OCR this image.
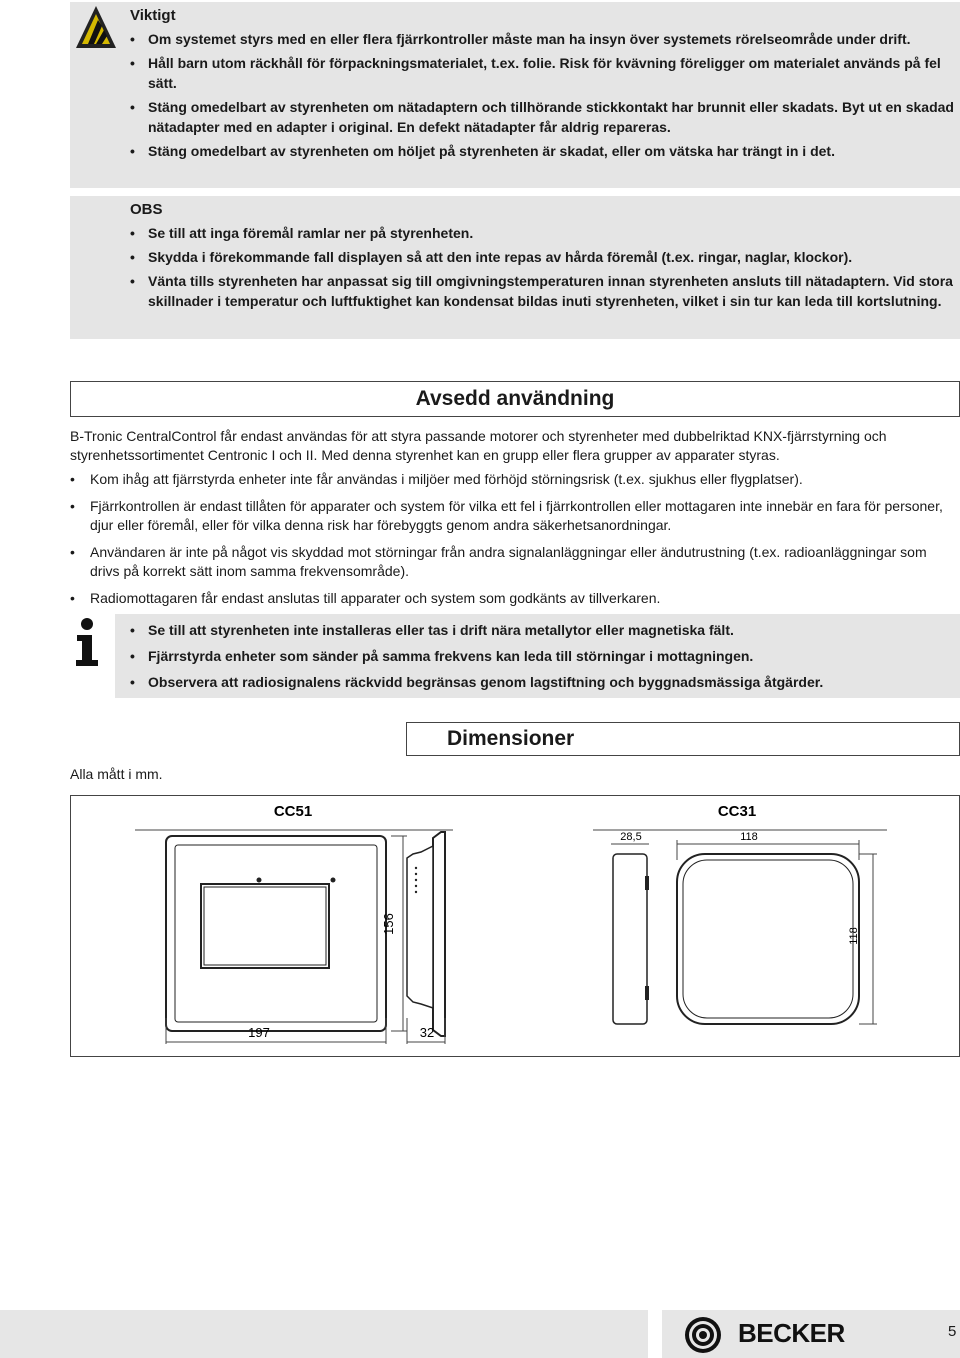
Viktigt
• Om systemet styrs med en eller flera fjärrkontroller måste man ha insyn över systemets rörelseområde under drift.
• Håll barn utom räckhåll för förpackningsmaterialet, t.ex. folie. Risk för kvävning föreligger om materialet används på fel sätt.
• Stäng omedelbart av styrenheten om nätadaptern och tillhörande stickkontakt har brunnit eller skadats. Byt ut en skadad nätadapter med en adapter i original. En defekt nätadapter får aldrig repareras.
• Stäng omedelbart av styrenheten om höljet på styrenheten är skadat, eller om vätska har trängt in i det.
OBS
• Se till att inga föremål ramlar ner på styrenheten.
• Skydda i förekommande fall displayen så att den inte repas av hårda föremål (t.ex. ringar, naglar, klockor).
• Vänta tills styrenheten har anpassat sig till omgivningstemperaturen innan styrenheten ansluts till nätadaptern. Vid stora skillnader i temperatur och luftfuktighet kan kondensat bildas inuti styrenheten, vilket i sin tur kan leda till kortslutning.
Avsedd användning

B-Tronic CentralControl får endast användas för att styra passande motorer och styrenheter med dubbelriktad KNX-fjärrstyrning och styrenhetssortimentet Centronic I och II. Med denna styrenhet kan en grupp eller flera grupper av apparater styras.

• Kom ihåg att fjärrstyrda enheter inte får användas i miljöer med förhöjd störningsrisk (t.ex. sjukhus eller flygplatser).
• Fjärrkontrollen är endast tillåten för apparater och system för vilka ett fel i fjärrkontrollen eller mottagaren inte innebär en fara för personer, djur eller föremål, eller för vilka denna risk har förebyggts genom andra säkerhetsanordningar.
• Användaren är inte på något vis skyddad mot störningar från andra signalanläggningar eller ändutrustning (t.ex. radioanläggningar som drivs på korrekt sätt inom samma frekvensområde).
• Radiomottagaren får endast anslutas till apparater och system som godkänts av tillverkaren.
• Se till att styrenheten inte installeras eller tas i drift nära metallytor eller magnetiska fält.
• Fjärrstyrda enheter som sänder på samma frekvens kan leda till störningar i mottagningen.
• Observera att radiosignalens räckvidd begränsas genom lagstiftning och byggnadsmässiga åtgärder.
Dimensioner
Alla mått i mm.
CC51
156
197	32
CC31
28,5	118
118
BECKER	5
